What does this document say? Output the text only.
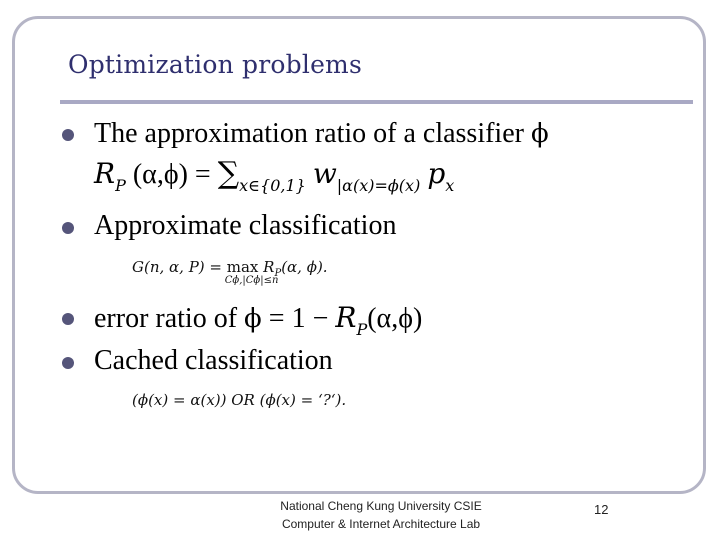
Optimization problems
The approximation ratio of a classifier ϕ
$R_P$ $(\alpha,\phi) = \sum_{x\in\{0,1\}}$ $w_{|\alpha(x)=\phi(x)}$ $p_x$
Approximate classification
G(n, α, P) = max
Cϕ,|Cϕ|≤n
$R_P(\alpha$, ϕ).
error ratio of $\phi = 1 - R_P(\alpha,\phi)$
Cached classification
(ϕ(x) = α(x)) OR (ϕ(x) = ‘?‘).
National Cheng Kung University CSIE
Computer & Internet Architecture Lab
12
